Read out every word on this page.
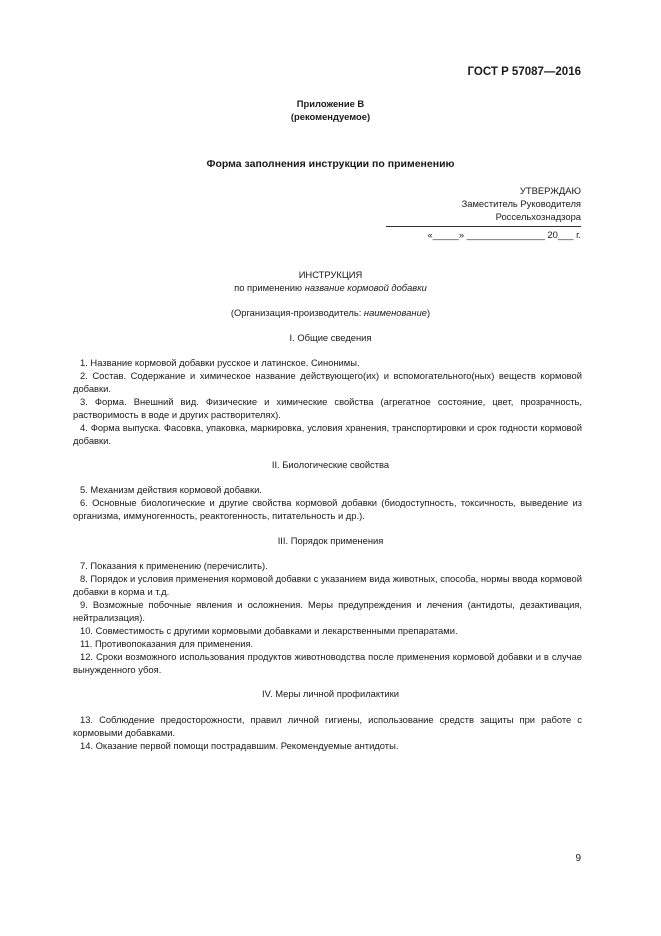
ГОСТ Р 57087—2016
Приложение В
(рекомендуемое)
Форма заполнения инструкции по применению
УТВЕРЖДАЮ
Заместитель Руководителя
Россельхознадзора
«_____» _______________ 20___ г.
ИНСТРУКЦИЯ
по применению название кормовой добавки
(Организация-производитель: наименование)
I. Общие сведения
1. Название кормовой добавки русское и латинское. Синонимы.
2. Состав. Содержание и химическое название действующего(их) и вспомогательного(ных) веществ кормовой добавки.
3. Форма. Внешний вид. Физические и химические свойства (агрегатное состояние, цвет, прозрачность, растворимость в воде и других растворителях).
4. Форма выпуска. Фасовка, упаковка, маркировка, условия хранения, транспортировки и срок годности кормовой добавки.
II. Биологические свойства
5. Механизм действия кормовой добавки.
6. Основные биологические и другие свойства кормовой добавки (биодоступность, токсичность, выведение из организма, иммуногенность, реактогенность, питательность и др.).
III. Порядок применения
7. Показания к применению (перечислить).
8. Порядок и условия применения кормовой добавки с указанием вида животных, способа, нормы ввода кормовой добавки в корма и т.д.
9. Возможные побочные явления и осложнения. Меры предупреждения и лечения (антидоты, дезактивация, нейтрализация).
10. Совместимость с другими кормовыми добавками и лекарственными препаратами.
11. Противопоказания для применения.
12. Сроки возможного использования продуктов животноводства после применения кормовой добавки и в случае вынужденного убоя.
IV. Меры личной профилактики
13. Соблюдение предосторожности, правил личной гигиены, использование средств защиты при работе с кормовыми добавками.
14. Оказание первой помощи пострадавшим. Рекомендуемые антидоты.
9
